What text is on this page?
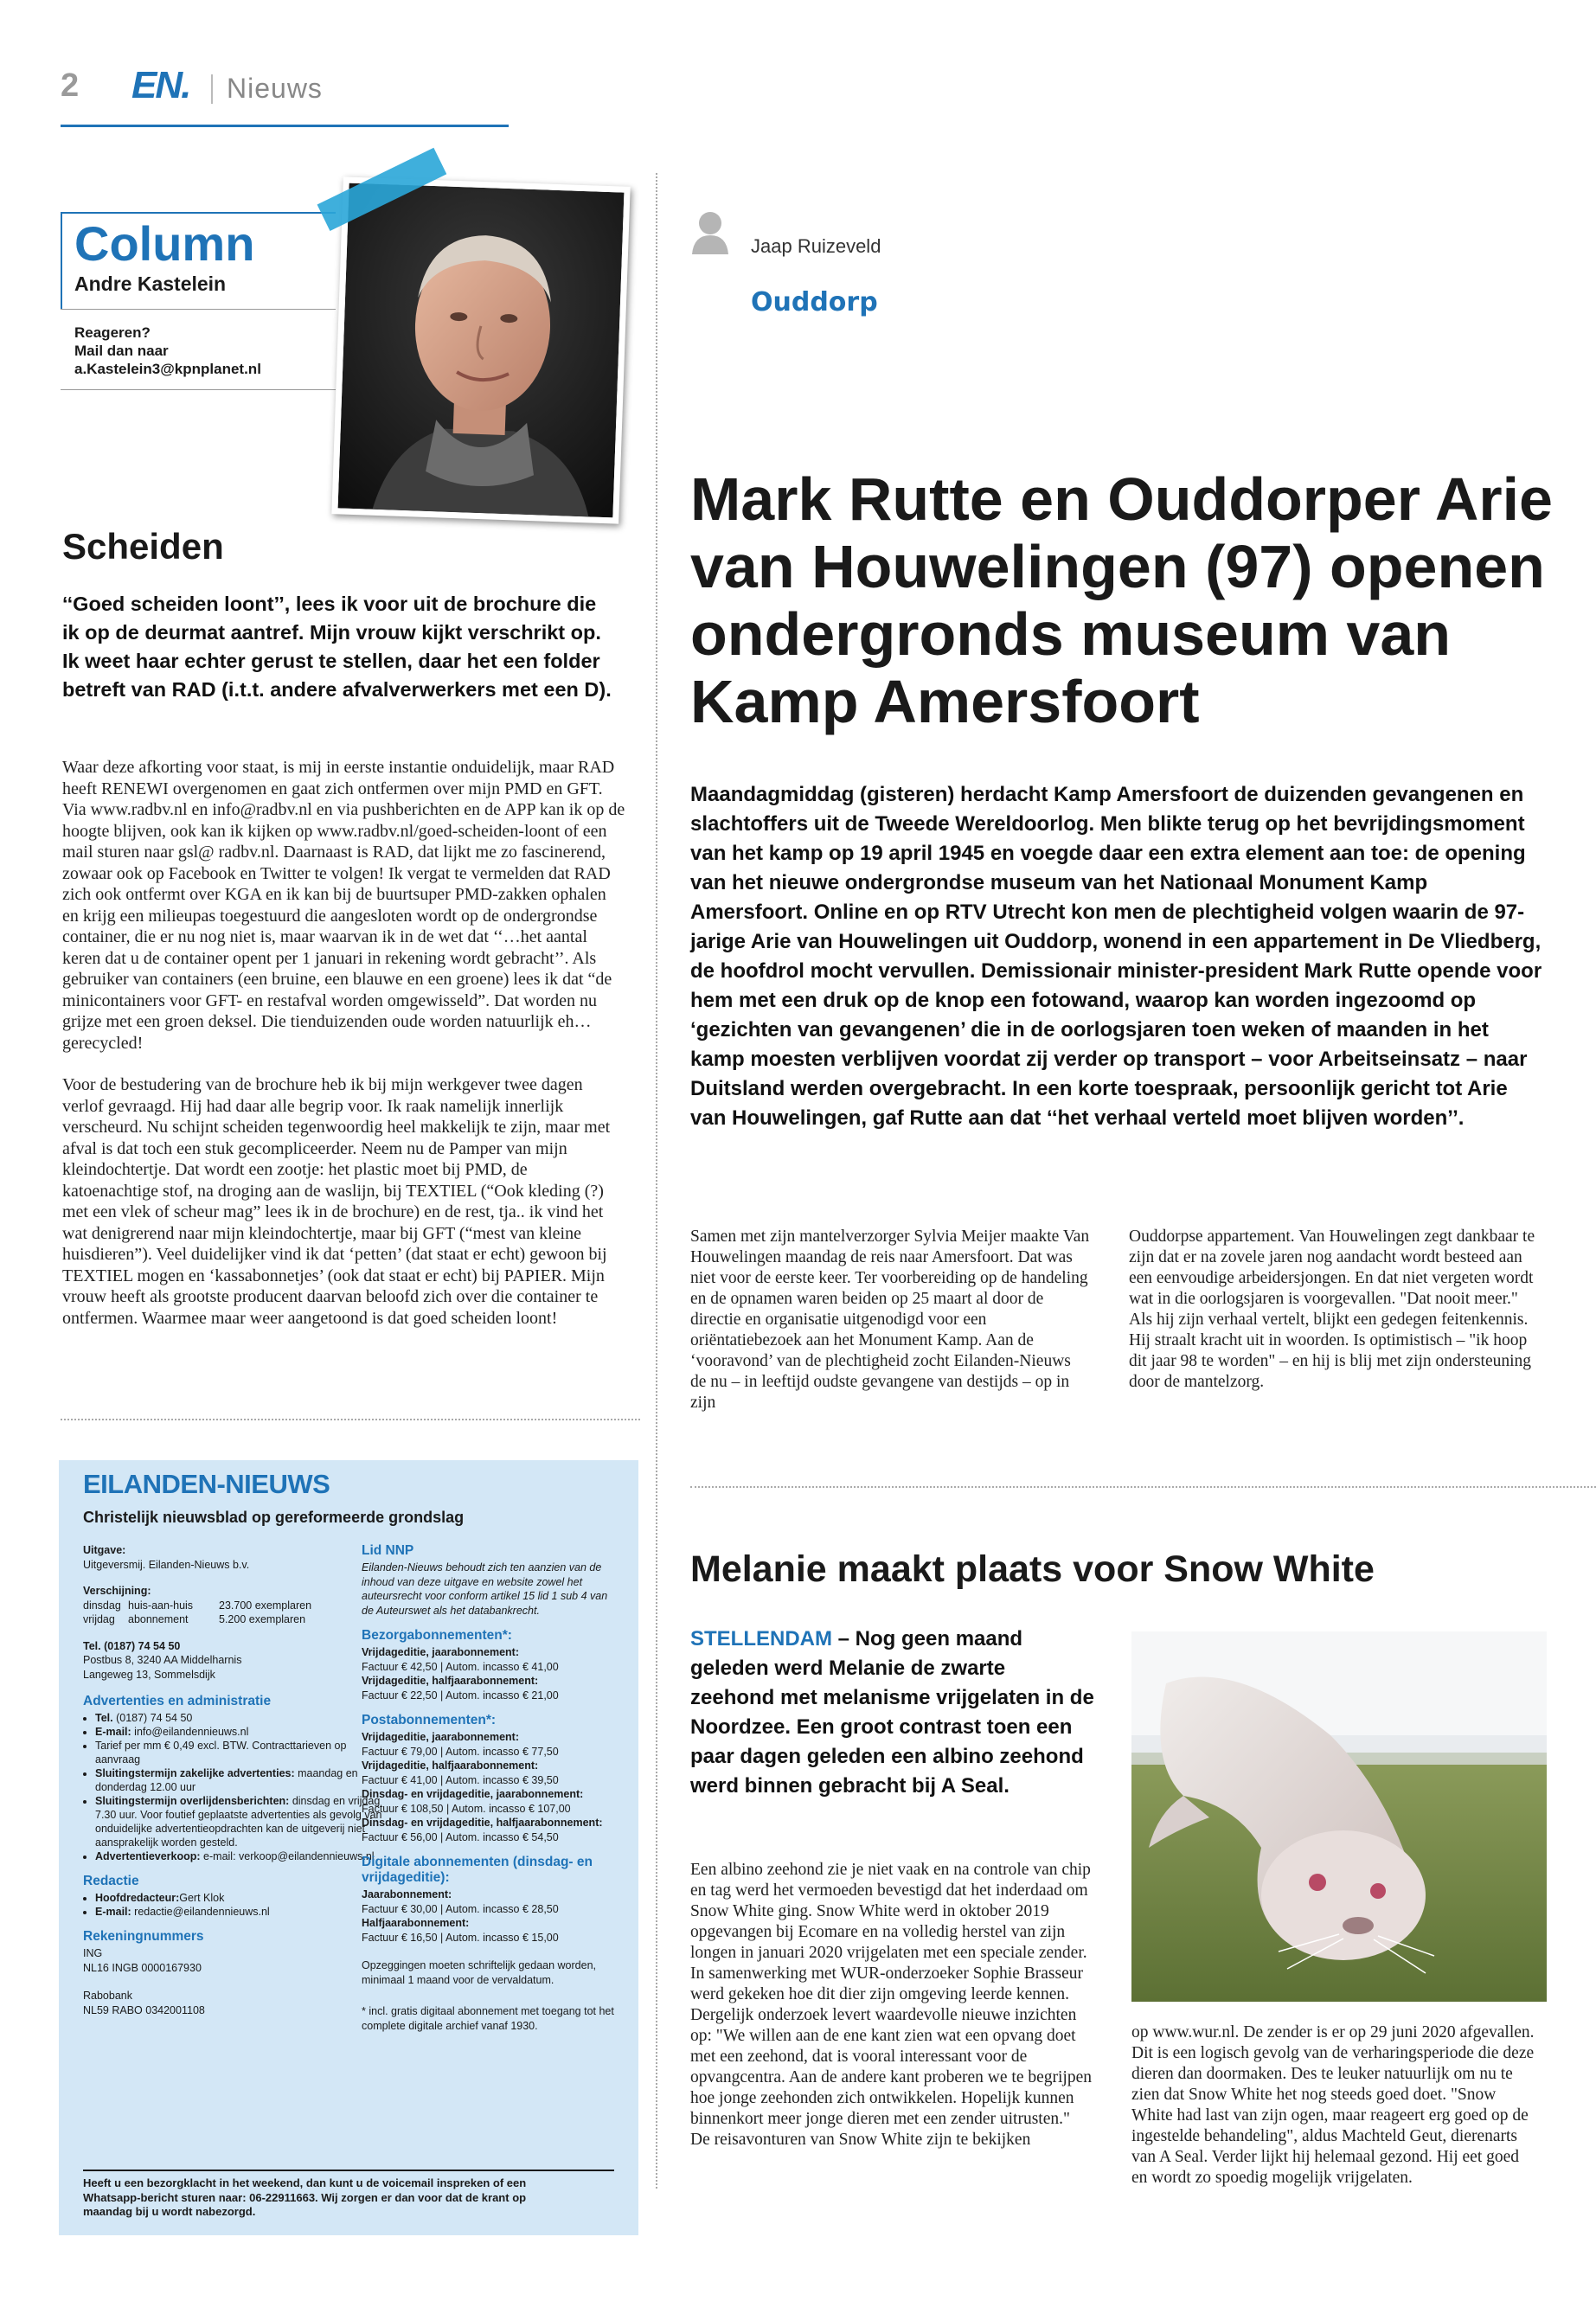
2 EN. Nieuws
Column
Andre Kastelein
Reageren?
Mail dan naar
a.Kastelein3@kpnplanet.nl
Scheiden
‘‘Goed scheiden loont’’, lees ik voor uit de brochure die ik op de deurmat aantref. Mijn vrouw kijkt verschrikt op. Ik weet haar echter gerust te stellen, daar het een folder betreft van RAD (i.t.t. andere afvalverwerkers met een D).

Waar deze afkorting voor staat, is mij in eerste instantie onduidelijk, maar RAD heeft RENEWI overgenomen en gaat zich ontfermen over mijn PMD en GFT. Via www.radbv.nl en info@radbv.nl en via pushberichten en de APP kan ik op de hoogte blijven, ook kan ik kijken op www.radbv.nl/goed-scheiden-loont of een mail sturen naar gsl@ radbv.nl. Daarnaast is RAD, dat lijkt me zo fascinerend, zowaar ook op Facebook en Twitter te volgen! Ik vergat te vermelden dat RAD zich ook ontfermt over KGA en ik kan bij de buurtsuper PMD-zakken ophalen en krijg een milieupas toegestuurd die aangesloten wordt op de ondergrondse container, die er nu nog niet is, maar waarvan ik in de wet dat ‘‘…het aantal keren dat u de container opent per 1 januari in rekening wordt gebracht’’. Als gebruiker van containers (een bruine, een blauwe en een groene) lees ik dat “de minicontainers voor GFT- en restafval worden omgewisseld”. Dat worden nu grijze met een groen deksel. Die tienduizenden oude worden natuurlijk eh… gerecycled!

Voor de bestudering van de brochure heb ik bij mijn werkgever twee dagen verlof gevraagd. Hij had daar alle begrip voor. Ik raak namelijk innerlijk verscheurd. Nu schijnt scheiden tegenwoordig heel makkelijk te zijn, maar met afval is dat toch een stuk gecompliceerder. Neem nu de Pamper van mijn kleindochtertje. Dat wordt een zootje: het plastic moet bij PMD, de katoenachtige stof, na droging aan de waslijn, bij TEXTIEL (“Ook kleding (?) met een vlek of scheur mag” lees ik in de brochure) en de rest, tja.. ik vind het wat denigrerend naar mijn kleindochtertje, maar bij GFT (“mest van kleine huisdieren”). Veel duidelijker vind ik dat ‘petten’ (dat staat er echt) gewoon bij TEXTIEL mogen en ‘kassabonnetjes’ (ook dat staat er echt) bij PAPIER. Mijn vrouw heeft als grootste producent daarvan beloofd zich over die container te ontfermen. Waarmee maar weer aangetoond is dat goed scheiden loont!

Jaap Ruizeveld
Ouddorp
Mark Rutte en Ouddorper Arie van Houwelingen (97) openen ondergronds museum van Kamp Amersfoort
Maandagmiddag (gisteren) herdacht Kamp Amersfoort de duizenden gevangenen en slachtoffers uit de Tweede Wereldoorlog. Men blikte terug op het bevrijdingsmoment van het kamp op 19 april 1945 en voegde daar een extra element aan toe: de opening van het nieuwe ondergrondse museum van het Nationaal Monument Kamp Amersfoort. Online en op RTV Utrecht kon men de plechtigheid volgen waarin de 97-jarige Arie van Houwelingen uit Ouddorp, wonend in een appartement in De Vliedberg, de hoofdrol mocht vervullen. Demissionair minister-president Mark Rutte opende voor hem met een druk op de knop een fotowand, waarop kan worden ingezoomd op ‘gezichten van gevangenen’ die in de oorlogsjaren toen weken of maanden in het kamp moesten verblijven voordat zij verder op transport – voor Arbeitseinsatz – naar Duitsland werden overgebracht. In een korte toespraak, persoonlijk gericht tot Arie van Houwelingen, gaf Rutte aan dat ‘‘het verhaal verteld moet blijven worden’’.
Samen met zijn mantelverzorger Sylvia Meijer maakte Van Houwelingen maandag de reis naar Amersfoort. Dat was niet voor de eerste keer. Ter voorbereiding op de handeling en de opnamen waren beiden op 25 maart al door de directie en organisatie uitgenodigd voor een oriëntatiebezoek aan het Monument Kamp. Aan de ‘vooravond’ van de plechtigheid zocht Eilanden-Nieuws de nu – in leeftijd oudste gevangene van destijds – op in zijn
Ouddorpse appartement. Van Houwelingen zegt dankbaar te zijn dat er na zovele jaren nog aandacht wordt besteed aan een eenvoudige arbeidersjongen. En dat niet vergeten wordt wat in die oorlogsjaren is voorgevallen. "Dat nooit meer." Als hij zijn verhaal vertelt, blijkt een gedegen feitenkennis. Hij straalt kracht uit in woorden. Is optimistisch – "ik hoop dit jaar 98 te worden" – en hij is blij met zijn ondersteuning door de mantelzorg.
Melanie maakt plaats voor Snow White
STELLENDAM – Nog geen maand geleden werd Melanie de zwarte zeehond met melanisme vrijgelaten in de Noordzee. Een groot contrast toen een paar dagen geleden een albino zeehond werd binnen gebracht bij A Seal.
Een albino zeehond zie je niet vaak en na controle van chip en tag werd het vermoeden bevestigd dat het inderdaad om Snow White ging. Snow White werd in oktober 2019 opgevangen bij Ecomare en na volledig herstel van zijn longen in januari 2020 vrijgelaten met een speciale zender.
In samenwerking met WUR-onderzoeker Sophie Brasseur werd gekeken hoe dit dier zijn omgeving leerde kennen. Dergelijk onderzoek levert waardevolle nieuwe inzichten op: "We willen aan de ene kant zien wat een opvang doet met een zeehond, dat is vooral interessant voor de opvangcentra. Aan de andere kant proberen we te begrijpen hoe jonge zeehonden zich ontwikkelen. Hopelijk kunnen binnenkort meer jonge dieren met een zender uitrusten."
De reisavonturen van Snow White zijn te bekijken
op www.wur.nl. De zender is er op 29 juni 2020 afgevallen. Dit is een logisch gevolg van de verharingsperiode die deze dieren dan doormaken. Des te leuker natuurlijk om nu te zien dat Snow White het nog steeds goed doet. "Snow White had last van zijn ogen, maar reageert erg goed op de ingestelde behandeling", aldus Machteld Geut, dierenarts van A Seal. Verder lijkt hij helemaal gezond. Hij eet goed en wordt zo spoedig mogelijk vrijgelaten.
EILANDEN-NIEUWS
Christelijk nieuwsblad op gereformeerde grondslag
Uitgave:
Uitgeversmij. Eilanden-Nieuws b.v.
Verschijning:
dinsdag huis-aan-huis	23.700 exemplaren
vrijdag	abonnement	5.200 exemplaren
Tel. (0187) 74 54 50
Postbus 8, 3240 AA Middelharnis
Langeweg 13, Sommelsdijk
Advertenties en administratie
• Tel. (0187) 74 54 50
• E-mail: info@eilandennieuws.nl
• Tarief per mm € 0,49 excl. BTW. Contracttarieven op aanvraag
• Sluitingstermijn zakelijke advertenties: maandag en donderdag 12.00 uur
• Sluitingstermijn overlijdensberichten: dinsdag en vrijdag 7.30 uur. Voor foutief geplaatste advertenties als gevolg van onduidelijke advertentieopdrachten kan de uitgeverij niet aansprakelijk worden gesteld.
• Advertentieverkoop: e-mail: verkoop@eilandennieuws.nl
Redactie
• Hoofdredacteur:Gert Klok
• E-mail: redactie@eilandennieuws.nl
Rekeningnummers
ING
NL16 INGB 0000167930
Rabobank
NL59 RABO 0342001108
Lid NNP
Eilanden-Nieuws behoudt zich ten aanzien van de inhoud van deze uitgave en website zowel het auteursrecht voor conform artikel 15 lid 1 sub 4 van de Auteurswet als het databankrecht.
Bezorgabonnementen*:
Vrijdageditie, jaarabonnement:
Factuur € 42,50 | Autom. incasso € 41,00
Vrijdageditie, halfjaarabonnement:
Factuur € 22,50 | Autom. incasso € 21,00
Postabonnementen*:
Vrijdageditie, jaarabonnement:
Factuur € 79,00 | Autom. incasso € 77,50
Vrijdageditie, halfjaarabonnement:
Factuur € 41,00 | Autom. incasso € 39,50
Dinsdag- en vrijdageditie, jaarabonnement:
Factuur € 108,50 | Autom. incasso € 107,00
Dinsdag- en vrijdageditie, halfjaarabonnement:
Factuur € 56,00 | Autom. incasso € 54,50
Digitale abonnementen (dinsdag- en vrijdageditie):
Jaarabonnement:
Factuur € 30,00 | Autom. incasso € 28,50
Halfjaarabonnement:
Factuur € 16,50 | Autom. incasso € 15,00
Opzeggingen moeten schriftelijk gedaan worden, minimaal 1 maand voor de vervaldatum.
* incl. gratis digitaal abonnement met toegang tot het complete digitale archief vanaf 1930.
Heeft u een bezorgklacht in het weekend, dan kunt u de voicemail inspreken of een Whatsapp-bericht sturen naar: 06-22911663. Wij zorgen er dan voor dat de krant op maandag bij u wordt nabezorgd.
